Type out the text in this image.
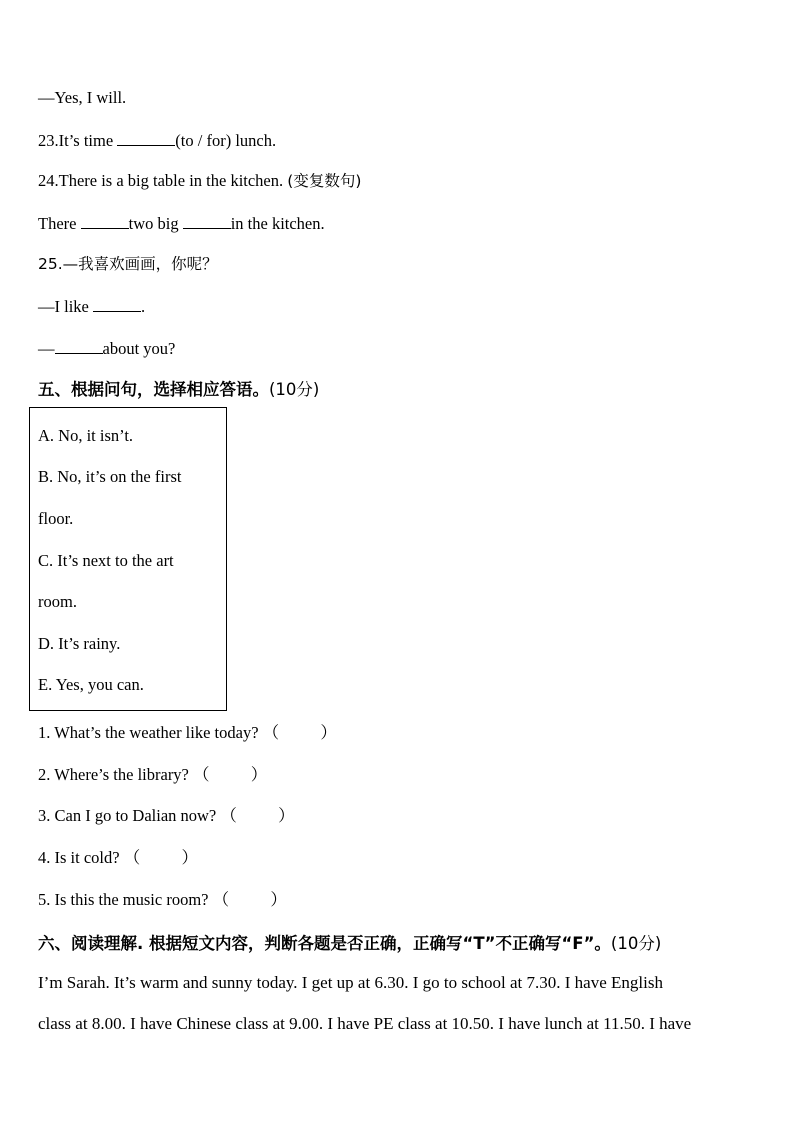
—Yes, I will.
23.It’s time	(to / for) lunch.
24.There is a big table in the kitchen. (变复数句)
There	two big	in the kitchen.
25.—我喜欢画画，你呢？
—I like	.
—	about you?
五、根据问句，选择相应答语。(10分)
A. No, it isn’t.
B. No, it’s on the first
floor.
C. It’s next to the art
room.
D. It’s rainy.
E. Yes, you can.
1. What’s the weather like today? （          ）
2. Where’s the library? （          ）
3. Can I go to Dalian now? （          ）
4. Is it cold? （          ）
5. Is this the music room? （          ）
六、阅读理解. 根据短文内容，判断各题是否正确，正确写“T”不正确写“F”。(10分)
I’m Sarah. It’s warm and sunny today. I get up at 6.30. I go to school at 7.30. I have English
class at 8.00. I have Chinese class at 9.00. I have PE class at 10.50. I have lunch at 11.50. I have
